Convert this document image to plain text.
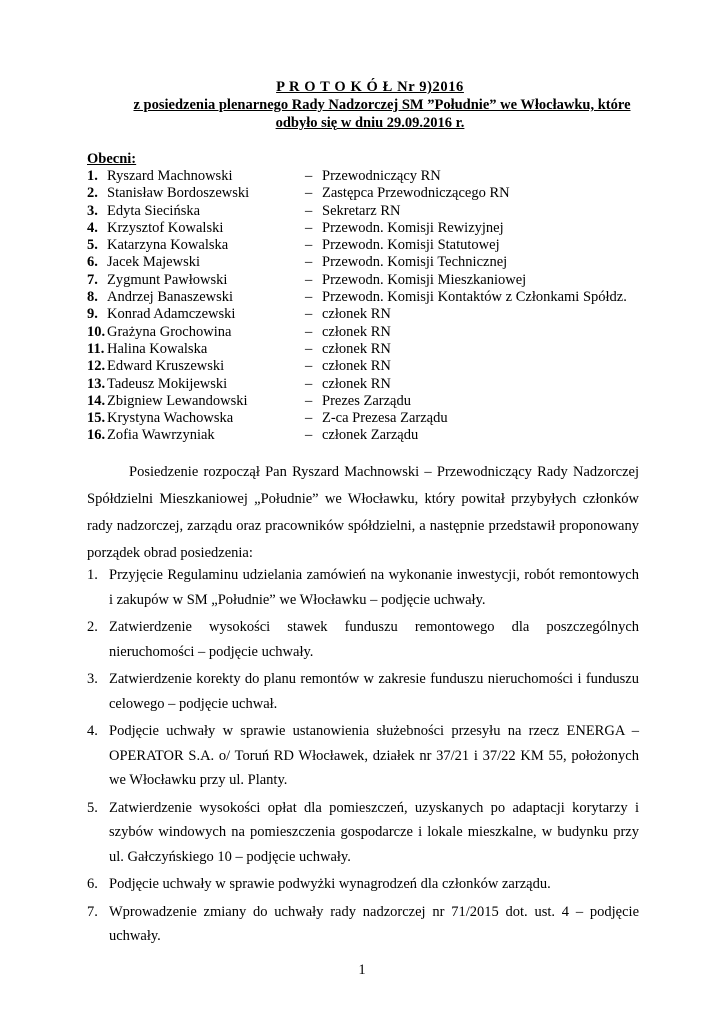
P R O T O K Ó Ł Nr 9)2016
z posiedzenia plenarnego Rady Nadzorczej SM ”Południe” we Włocławku, które
odbyło się w dniu 29.09.2016 r.
Obecni:
1. Ryszard Machnowski	– Przewodniczący RN
2. Stanisław Bordoszewski	– Zastępca Przewodniczącego RN
3. Edyta Siecińska	– Sekretarz RN
4. Krzysztof Kowalski	– Przewodn. Komisji Rewizyjnej
5. Katarzyna Kowalska	– Przewodn. Komisji Statutowej
6. Jacek Majewski	– Przewodn. Komisji Technicznej
7. Zygmunt Pawłowski	– Przewodn. Komisji Mieszkaniowej
8. Andrzej Banaszewski	– Przewodn. Komisji Kontaktów z Członkami Spółdz.
9. Konrad Adamczewski	– członek RN
10. Grażyna Grochowina	– członek RN
11. Halina Kowalska	– członek RN
12. Edward Kruszewski	– członek RN
13. Tadeusz Mokijewski	– członek RN
14. Zbigniew Lewandowski	– Prezes Zarządu
15. Krystyna Wachowska	– Z-ca Prezesa Zarządu
16. Zofia Wawrzyniak	– członek Zarządu

Posiedzenie rozpoczął Pan Ryszard Machnowski – Przewodniczący Rady Nadzorczej Spółdzielni Mieszkaniowej „Południe” we Włocławku, który powitał przybyłych członków rady nadzorczej, zarządu oraz pracowników spółdzielni, a następnie przedstawił proponowany porządek obrad posiedzenia:

1. Przyjęcie Regulaminu udzielania zamówień na wykonanie inwestycji, robót remontowych i zakupów w SM „Południe” we Włocławku – podjęcie uchwały.
2. Zatwierdzenie wysokości stawek funduszu remontowego dla poszczególnych nieruchomości – podjęcie uchwały.
3. Zatwierdzenie korekty do planu remontów w zakresie funduszu nieruchomości i funduszu celowego – podjęcie uchwał.
4. Podjęcie uchwały w sprawie ustanowienia służebności przesyłu na rzecz ENERGA – OPERATOR S.A. o/ Toruń RD Włocławek, działek nr 37/21 i 37/22 KM 55, położonych we Włocławku przy ul. Planty.
5. Zatwierdzenie wysokości opłat dla pomieszczeń, uzyskanych po adaptacji korytarzy i szybów windowych na pomieszczenia gospodarcze i lokale mieszkalne, w budynku przy ul. Gałczyńskiego 10 – podjęcie uchwały.
6. Podjęcie uchwały w sprawie podwyżki wynagrodzeń dla członków zarządu.
7. Wprowadzenie zmiany do uchwały rady nadzorczej nr 71/2015 dot. ust. 4 – podjęcie uchwały.
1
